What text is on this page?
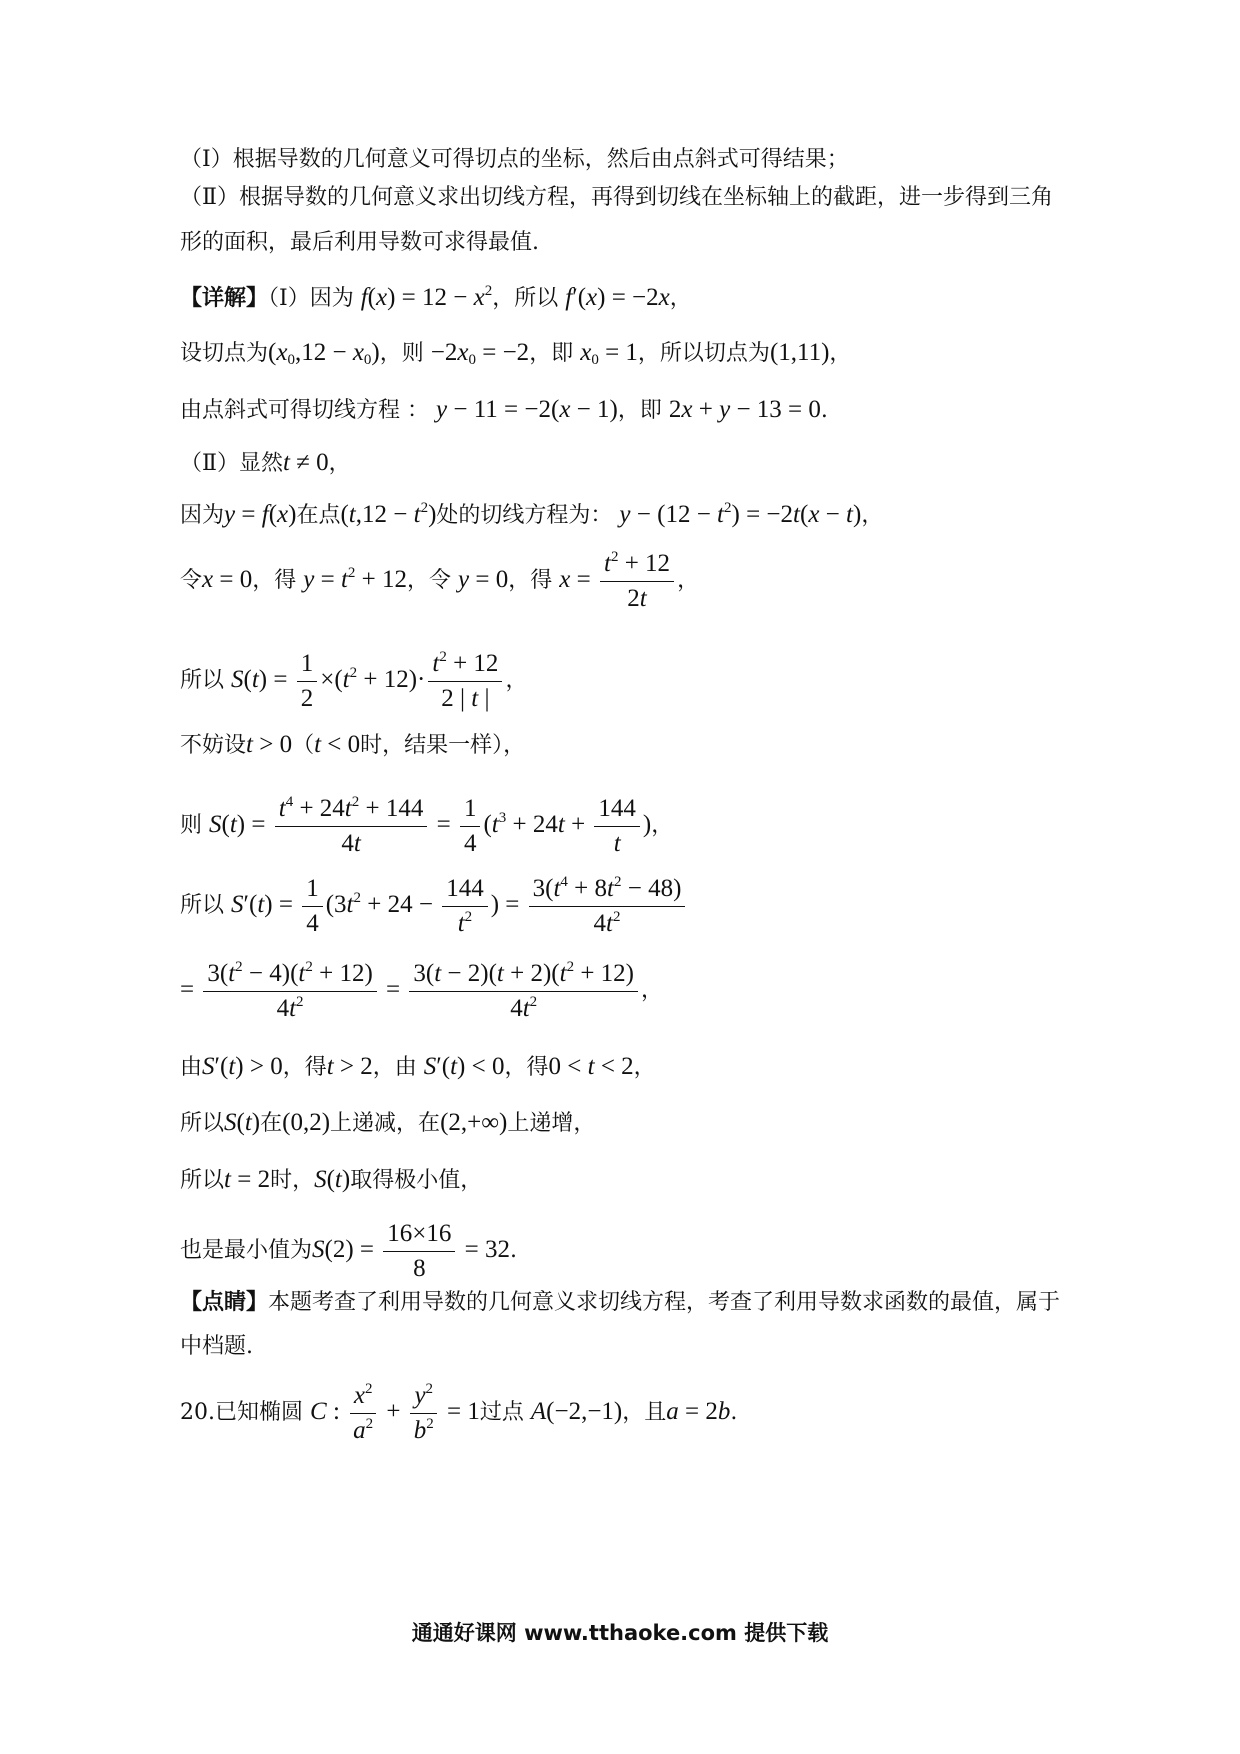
（Ⅰ）根据导数的几何意义可得切点的坐标，然后由点斜式可得结果；
（Ⅱ）根据导数的几何意义求出切线方程，再得到切线在坐标轴上的截距，进一步得到三角
形的面积，最后利用导数可求得最值.
【详解】（Ⅰ）因为 $f(x) = 12 - x^2$，所以 f′(x) = −2x，
设切点为$(x_0,12 - x_0)$，则 $-2x_0 = -2$，即 $x_0 = 1$，所以切点为(1,11)，
由点斜式可得切线方程 ： y − 11 = −2(x − 1)，即 2x + y − 13 = 0.
（Ⅱ）显然t ≠ 0，
因为y = f(x)在点$(t,12 - t^2)$处的切线方程为： $y - (12 - t^2) = -2t(x - t)$，
令x = 0，得 $y = t^2 + 12$，令 y = 0，得 $x = \frac{t^2 + 12}{2t}$ ，
所以 $S(t) = \frac{1}{2} \times(t^2 + 12)\cdot \frac{t^2 + 12}{2 | t |}$ ，
不妨设t > 0（t < 0时，结果一样），
则 $S(t) = \frac{t^4 + 24t^2 + 144}{4t} = \frac{1}{4} (t^3 + 24t + \frac{144}{t}$ )，
所以 $S'(t) = \frac{1}{4} (3t^2 + 24 - \frac{144}{t^2}$ ) = $\frac{3(t^4 + 8t^2 - 48)}{4t^2}$
= $\frac{3(t^2 - 4)(t^2 + 12)}{4t^2} = \frac{3(t - 2)(t + 2)(t^2 + 12)}{4t^2}$ ，
由S′(t) > 0，得t > 2，由 S′(t) < 0，得0 < t < 2，
所以S(t)在(0,2)上递减，在(2,+∞)上递增，
所以t = 2时，S(t)取得极小值，
也是最小值为$S(2) = \frac{16\times 16}{8} = 32$.
【点睛】本题考查了利用导数的几何意义求切线方程，考查了利用导数求函数的最值，属于
中档题.
20.已知椭圆 C : $\frac{x^2}{a^2} + \frac{y^2}{b^2} = 1$过点 A(−2,−1)，且a = 2b.
通通好课网 www.tthaoke.com 提供下载
